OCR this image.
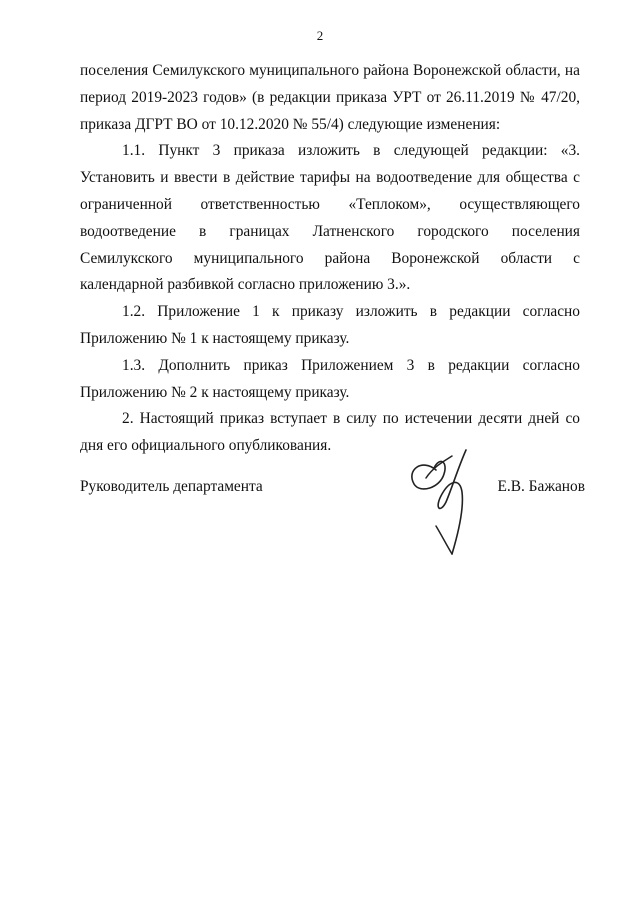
2

поселения Семилукского муниципального района Воронежской области, на период 2019-2023 годов» (в редакции приказа УРТ от 26.11.2019 № 47/20, приказа ДГРТ ВО от 10.12.2020 № 55/4) следующие изменения:

1.1. Пункт 3 приказа изложить в следующей редакции: «3. Установить и ввести в действие тарифы на водоотведение для общества с ограниченной ответственностью «Теплоком», осуществляющего водоотведение в границах Латненского городского поселения Семилукского муниципального района Воронежской области с календарной разбивкой согласно приложению 3.».

1.2. Приложение 1 к приказу изложить в редакции согласно Приложению № 1 к настоящему приказу.

1.3. Дополнить приказ Приложением 3 в редакции согласно Приложению № 2 к настоящему приказу.

2. Настоящий приказ вступает в силу по истечении десяти дней со дня его официального опубликования.

Руководитель департамента	Е.В. Бажанов
